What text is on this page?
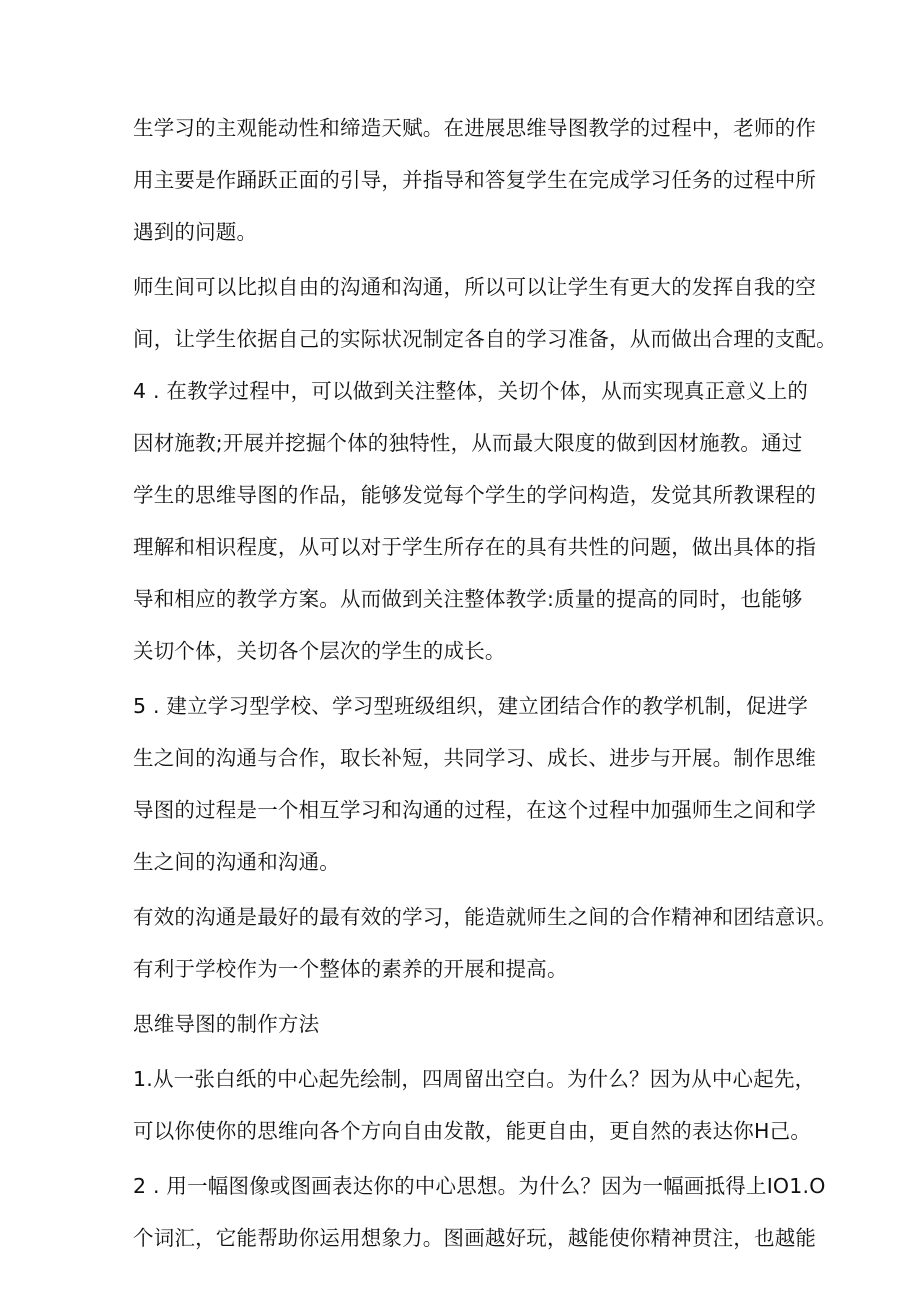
生学习的主观能动性和缔造天赋。在进展思维导图教学的过程中，老师的作
用主要是作踊跃正面的引导，并指导和答复学生在完成学习任务的过程中所
遇到的问题。
师生间可以比拟自由的沟通和沟通，所以可以让学生有更大的发挥自我的空
间，让学生依据自己的实际状况制定各自的学习准备，从而做出合理的支配。
4 . 在教学过程中，可以做到关注整体，关切个体，从而实现真正意义上的
因材施教;开展并挖掘个体的独特性，从而最大限度的做到因材施教。通过
学生的思维导图的作品，能够发觉每个学生的学问构造，发觉其所教课程的
理解和相识程度，从可以对于学生所存在的具有共性的问题，做出具体的指
导和相应的教学方案。从而做到关注整体教学:质量的提高的同时，也能够
关切个体，关切各个层次的学生的成长。
5 . 建立学习型学校、学习型班级组织，建立团结合作的教学机制，促进学
生之间的沟通与合作，取长补短，共同学习、成长、进步与开展。制作思维
导图的过程是一个相互学习和沟通的过程，在这个过程中加强师生之间和学
生之间的沟通和沟通。
有效的沟通是最好的最有效的学习，能造就师生之间的合作精神和团结意识。
有利于学校作为一个整体的素养的开展和提高。
思维导图的制作方法
1.从一张白纸的中心起先绘制，四周留出空白。为什么？因为从中心起先，
可以你使你的思维向各个方向自由发散，能更自由，更自然的表达你H己。
2 . 用一幅图像或图画表达你的中心思想。为什么？因为一幅画抵得上IO1.O
个词汇，它能帮助你运用想象力。图画越好玩，越能使你精神贯注，也越能
